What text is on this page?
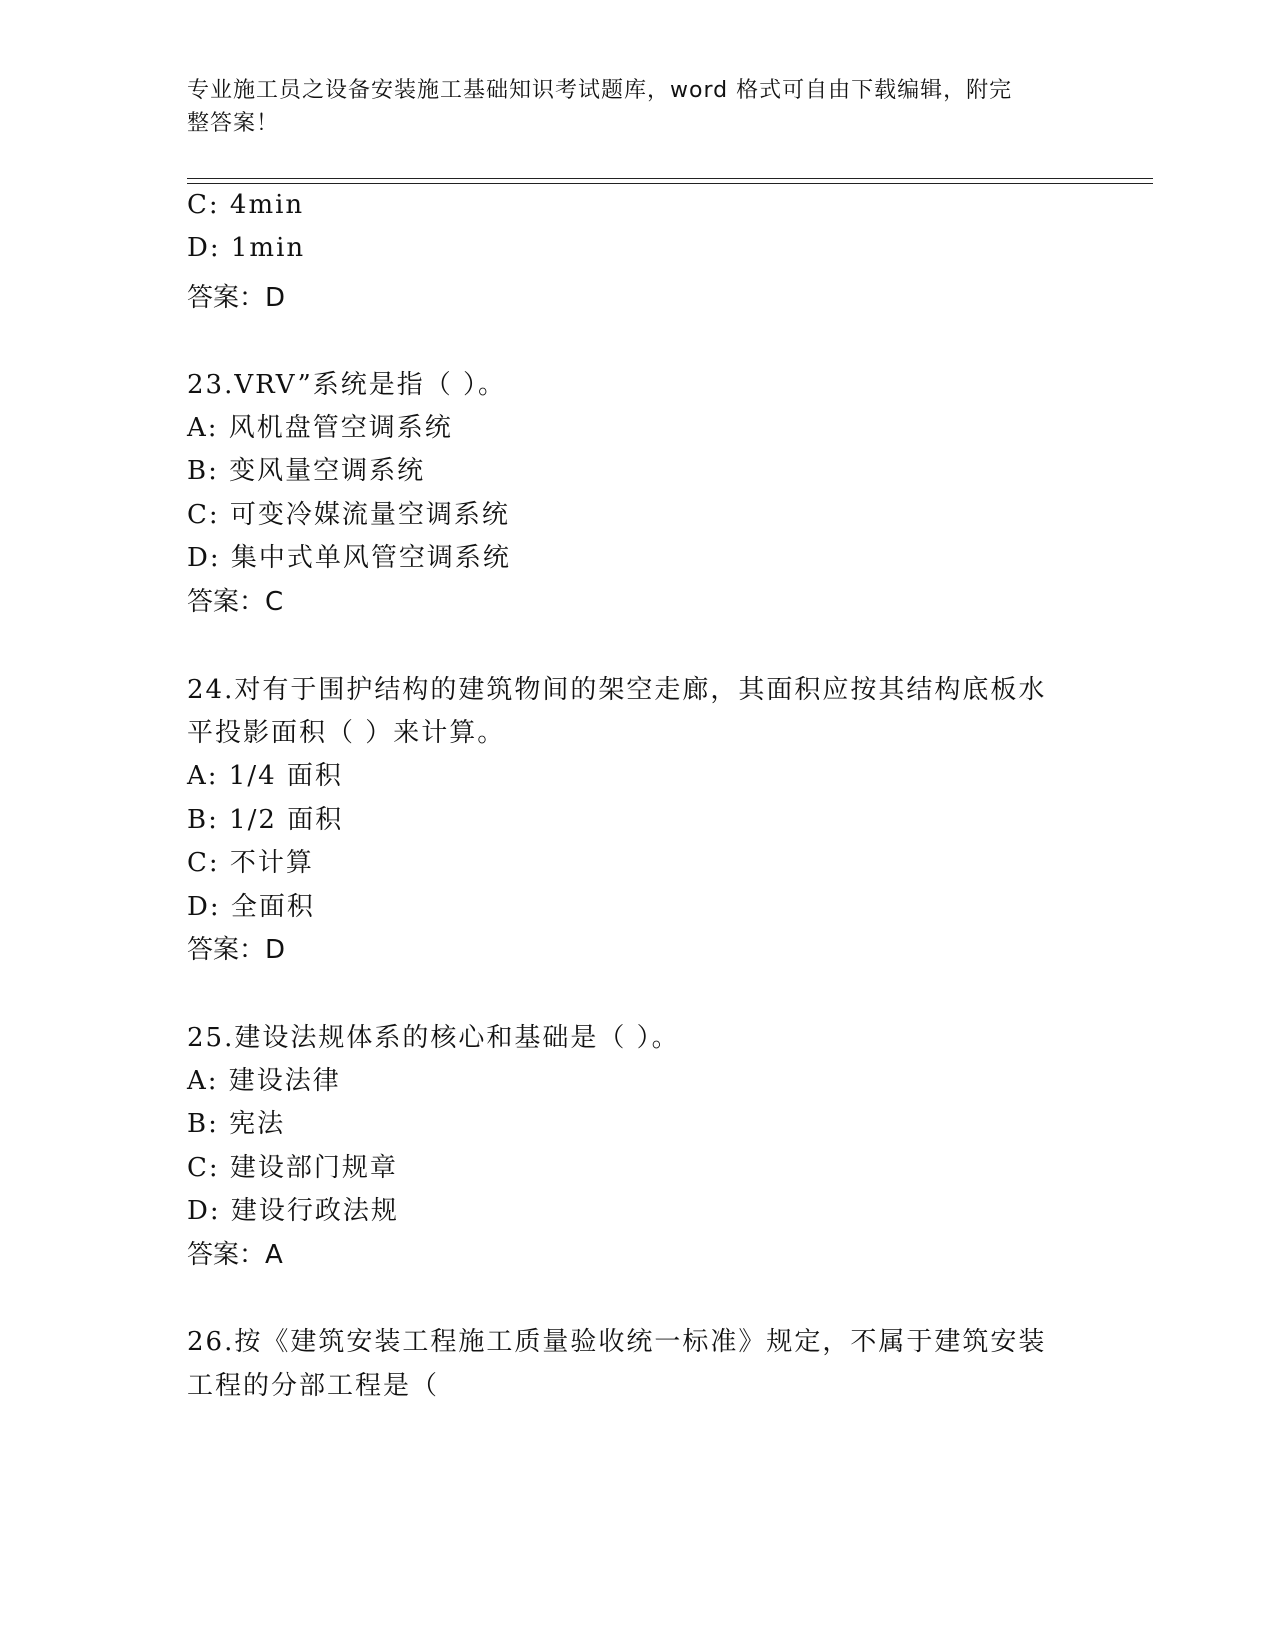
专业施工员之设备安装施工基础知识考试题库，word 格式可自由下载编辑，附完
整答案！
C: 4min
D: 1min
答案：D
23.VRV”系统是指（ ）。
A: 风机盘管空调系统
B: 变风量空调系统
C: 可变冷媒流量空调系统
D: 集中式单风管空调系统
答案：C
24.对有于围护结构的建筑物间的架空走廊，其面积应按其结构底板水
平投影面积（ ）来计算。
A: 1/4 面积
B: 1/2 面积
C: 不计算
D: 全面积
答案：D
25.建设法规体系的核心和基础是（ ）。
A: 建设法律
B: 宪法
C: 建设部门规章
D: 建设行政法规
答案：A
26.按《建筑安装工程施工质量验收统一标准》规定，不属于建筑安装
工程的分部工程是（
